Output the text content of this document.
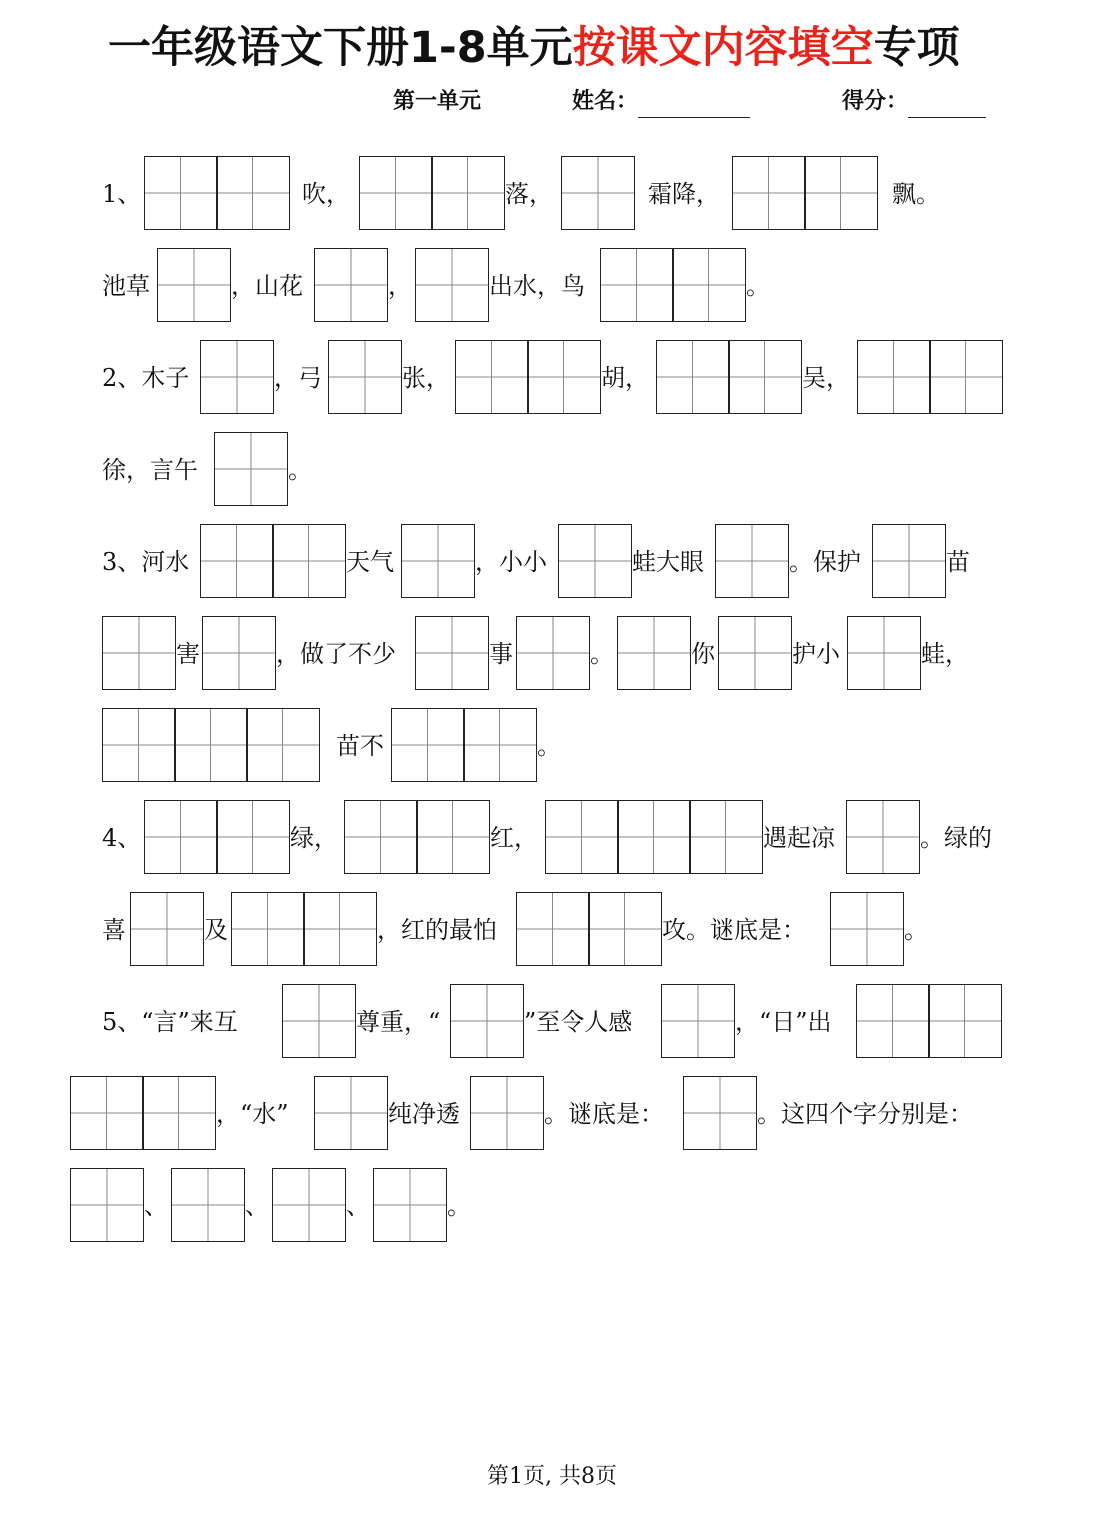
一年级语文下册1-8单元按课文内容填空专项
第一单元	姓名：	得分：
1、	吹，	落，	霜降，	飘。
池草	，山花	，	出水，鸟	。
2、木子	，弓	张，	胡，	吴，
徐，言午	。
3、河水	天气	，小小	蛙大眼	。保护	苗
害	，做了不少	事	。	你	护小	蛙，
苗不	。
4、	绿，	红，	遇起凉	。绿的
喜	及	，红的最怕	攻。谜底是：	。
5、“言”来互	尊重，“	”至令人感	，“日”出
，“水”	纯净透	。谜底是：	。这四个字分别是：
、	、	、	。
第1页, 共8页
